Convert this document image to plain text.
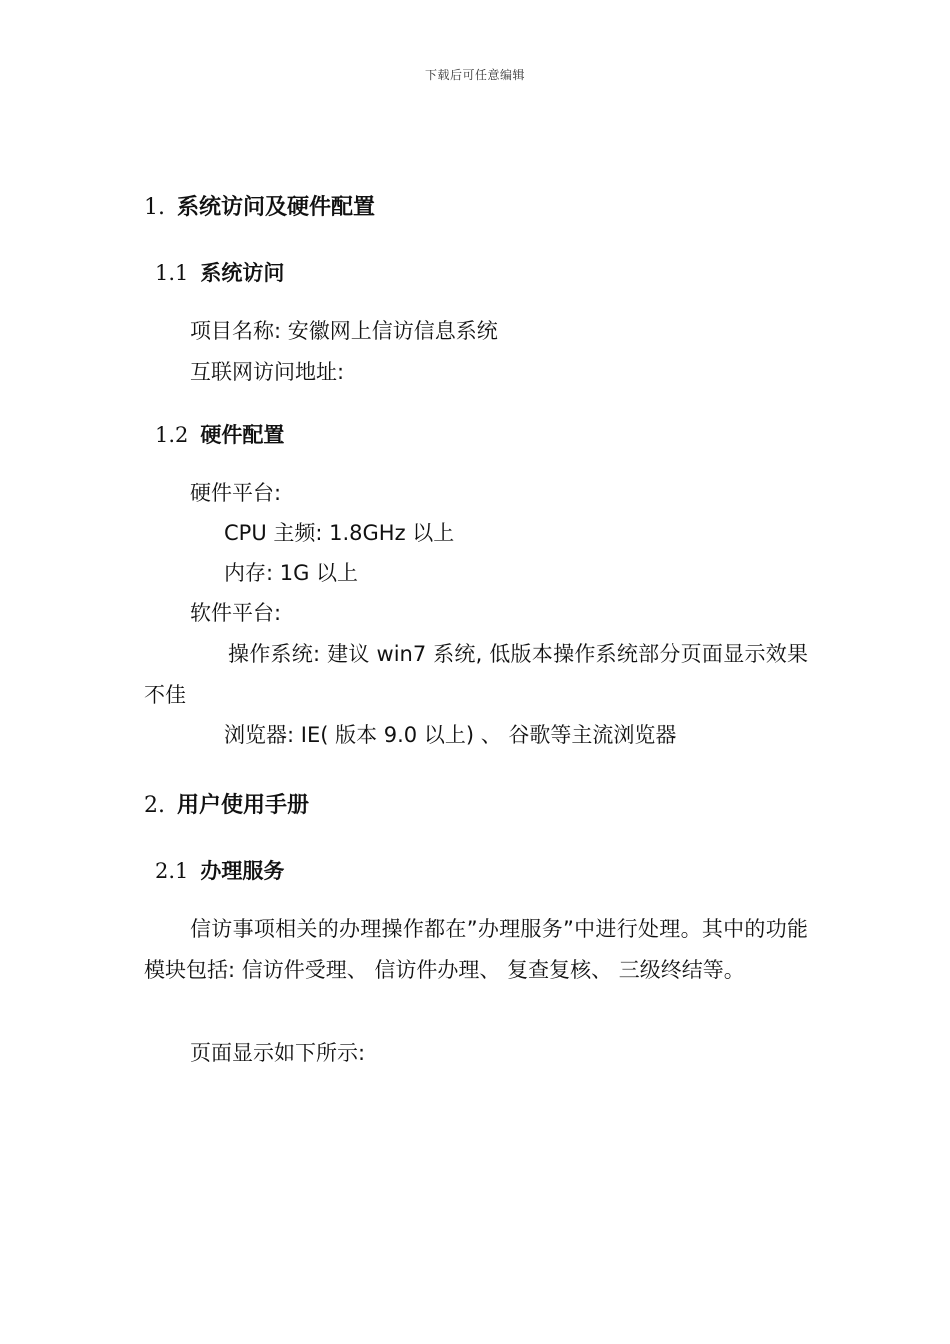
下载后可任意编辑
1. 系统访问及硬件配置
1.1 系统访问
项目名称: 安徽网上信访信息系统
互联网访问地址:
1.2 硬件配置
硬件平台:
CPU 主频: 1.8GHz 以上
内存: 1G 以上
软件平台:
操作系统: 建议 win7 系统, 低版本操作系统部分页面显示效果不佳
浏览器: IE( 版本 9.0 以上) 、 谷歌等主流浏览器
2. 用户使用手册
2.1 办理服务
信访事项相关的办理操作都在”办理服务”中进行处理。其中的功能模块包括: 信访件受理、 信访件办理、 复查复核、 三级终结等。
页面显示如下所示:
